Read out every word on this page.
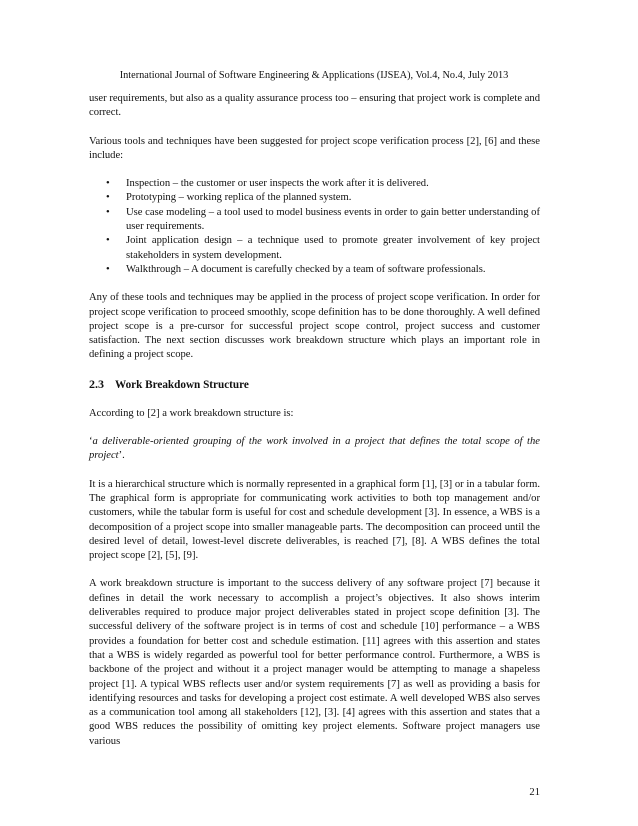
International Journal of Software Engineering & Applications (IJSEA), Vol.4, No.4, July 2013

user requirements, but also as a quality assurance process too – ensuring that project work is complete and correct.

Various tools and techniques have been suggested for project scope verification process [2], [6] and these include:

• Inspection – the customer or user inspects the work after it is delivered.
• Prototyping – working replica of the planned system.
• Use case modeling – a tool used to model business events in order to gain better understanding of user requirements.
• Joint application design – a technique used to promote greater involvement of key project stakeholders in system development.
• Walkthrough – A document is carefully checked by a team of software professionals.

Any of these tools and techniques may be applied in the process of project scope verification. In order for project scope verification to proceed smoothly, scope definition has to be done thoroughly. A well defined project scope is a pre-cursor for successful project scope control, project success and customer satisfaction. The next section discusses work breakdown structure which plays an important role in defining a project scope.

2.3 Work Breakdown Structure

According to [2] a work breakdown structure is:

‘a deliverable-oriented grouping of the work involved in a project that defines the total scope of the project’.

It is a hierarchical structure which is normally represented in a graphical form [1], [3] or in a tabular form. The graphical form is appropriate for communicating work activities to both top management and/or customers, while the tabular form is useful for cost and schedule development [3]. In essence, a WBS is a decomposition of a project scope into smaller manageable parts. The decomposition can proceed until the desired level of detail, lowest-level discrete deliverables, is reached [7], [8]. A WBS defines the total project scope [2], [5], [9].

A work breakdown structure is important to the success delivery of any software project [7] because it defines in detail the work necessary to accomplish a project’s objectives. It also shows interim deliverables required to produce major project deliverables stated in project scope definition [3]. The successful delivery of the software project is in terms of cost and schedule [10] performance – a WBS provides a foundation for better cost and schedule estimation. [11] agrees with this assertion and states that a WBS is widely regarded as powerful tool for better performance control. Furthermore, a WBS is backbone of the project and without it a project manager would be attempting to manage a shapeless project [1]. A typical WBS reflects user and/or system requirements [7] as well as providing a basis for identifying resources and tasks for developing a project cost estimate. A well developed WBS also serves as a communication tool among all stakeholders [12], [3]. [4] agrees with this assertion and states that a good WBS reduces the possibility of omitting key project elements. Software project managers use various

21
